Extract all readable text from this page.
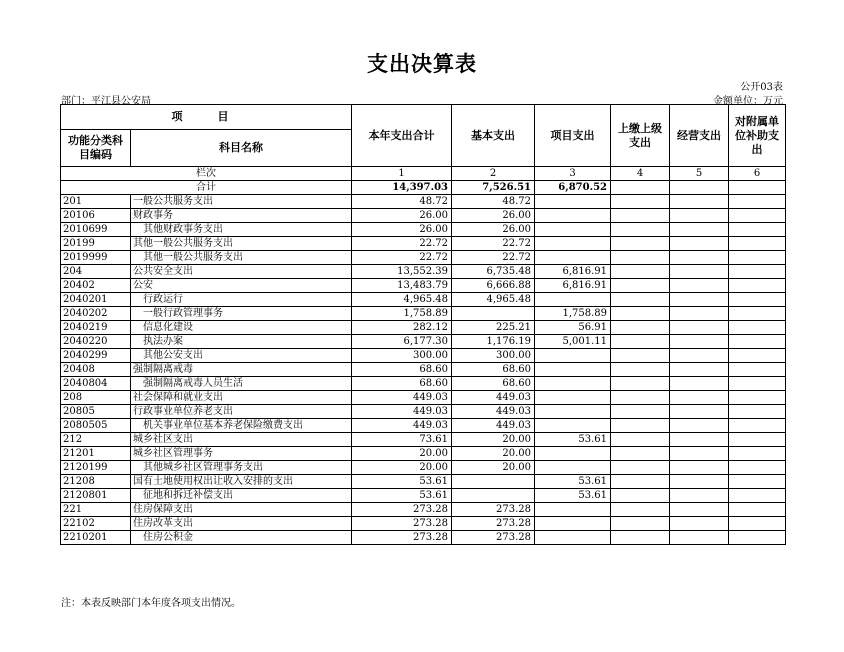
支出决算表
公开03表
部门：平江县公安局	金额单位：万元
项　目		本年支出合计	基本支出	项目支出	上缴上级支出	经营支出	对附属单位补助支出
功能分类科目编码	科目名称						
栏次		1	2	3	4	5	6
合计		14,397.03	7,526.51	6,870.52			
201	一般公共服务支出	48.72	48.72				
20106	财政事务	26.00	26.00				
2010699	其他财政事务支出	26.00	26.00				
20199	其他一般公共服务支出	22.72	22.72				
2019999	其他一般公共服务支出	22.72	22.72				
204	公共安全支出	13,552.39	6,735.48	6,816.91			
20402	公安	13,483.79	6,666.88	6,816.91			
2040201	行政运行	4,965.48	4,965.48				
2040202	一般行政管理事务	1,758.89		1,758.89			
2040219	信息化建设	282.12	225.21	56.91			
2040220	执法办案	6,177.30	1,176.19	5,001.11			
2040299	其他公安支出	300.00	300.00				
20408	强制隔离戒毒	68.60	68.60				
2040804	强制隔离戒毒人员生活	68.60	68.60				
208	社会保障和就业支出	449.03	449.03				
20805	行政事业单位养老支出	449.03	449.03				
2080505	机关事业单位基本养老保险缴费支出	449.03	449.03				
212	城乡社区支出	73.61	20.00	53.61			
21201	城乡社区管理事务	20.00	20.00				
2120199	其他城乡社区管理事务支出	20.00	20.00				
21208	国有土地使用权出让收入安排的支出	53.61		53.61			
2120801	征地和拆迁补偿支出	53.61		53.61			
221	住房保障支出	273.28	273.28				
22102	住房改革支出	273.28	273.28				
2210201	住房公积金	273.28	273.28				
注：本表反映部门本年度各项支出情况。
